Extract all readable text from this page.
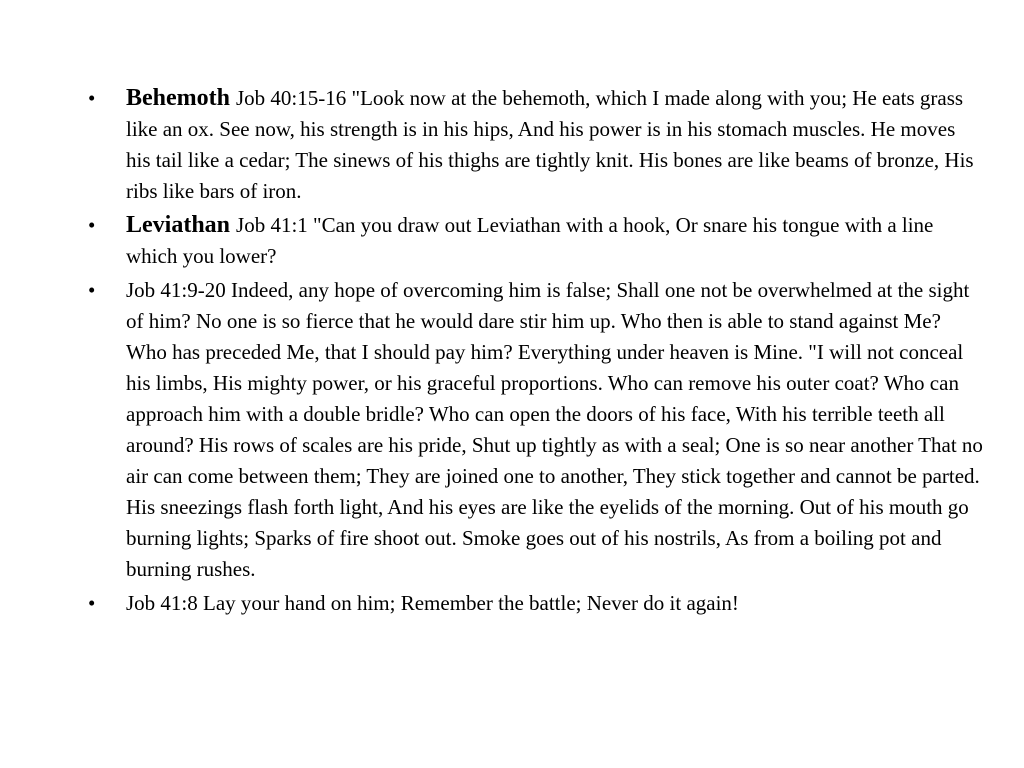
•	Behemoth Job 40:15-16 "Look now at the behemoth, which I made along with you; He eats grass like an ox. See now, his strength is in his hips, And his power is in his stomach muscles. He moves his tail like a cedar; The sinews of his thighs are tightly knit. His bones are like beams of bronze, His ribs like bars of iron.
•	Leviathan Job 41:1 "Can you draw out Leviathan with a hook, Or snare his tongue with a line which you lower?
•	Job 41:9-20 Indeed, any hope of overcoming him is false; Shall one not be overwhelmed at the sight of him? No one is so fierce that he would dare stir him up. Who then is able to stand against Me? Who has preceded Me, that I should pay him? Everything under heaven is Mine. "I will not conceal his limbs, His mighty power, or his graceful proportions. Who can remove his outer coat? Who can approach him with a double bridle? Who can open the doors of his face, With his terrible teeth all around? His rows of scales are his pride, Shut up tightly as with a seal; One is so near another That no air can come between them; They are joined one to another, They stick together and cannot be parted. His sneezings flash forth light, And his eyes are like the eyelids of the morning. Out of his mouth go burning lights; Sparks of fire shoot out. Smoke goes out of his nostrils, As from a boiling pot and burning rushes.
•	Job 41:8 Lay your hand on him; Remember the battle; Never do it again!
